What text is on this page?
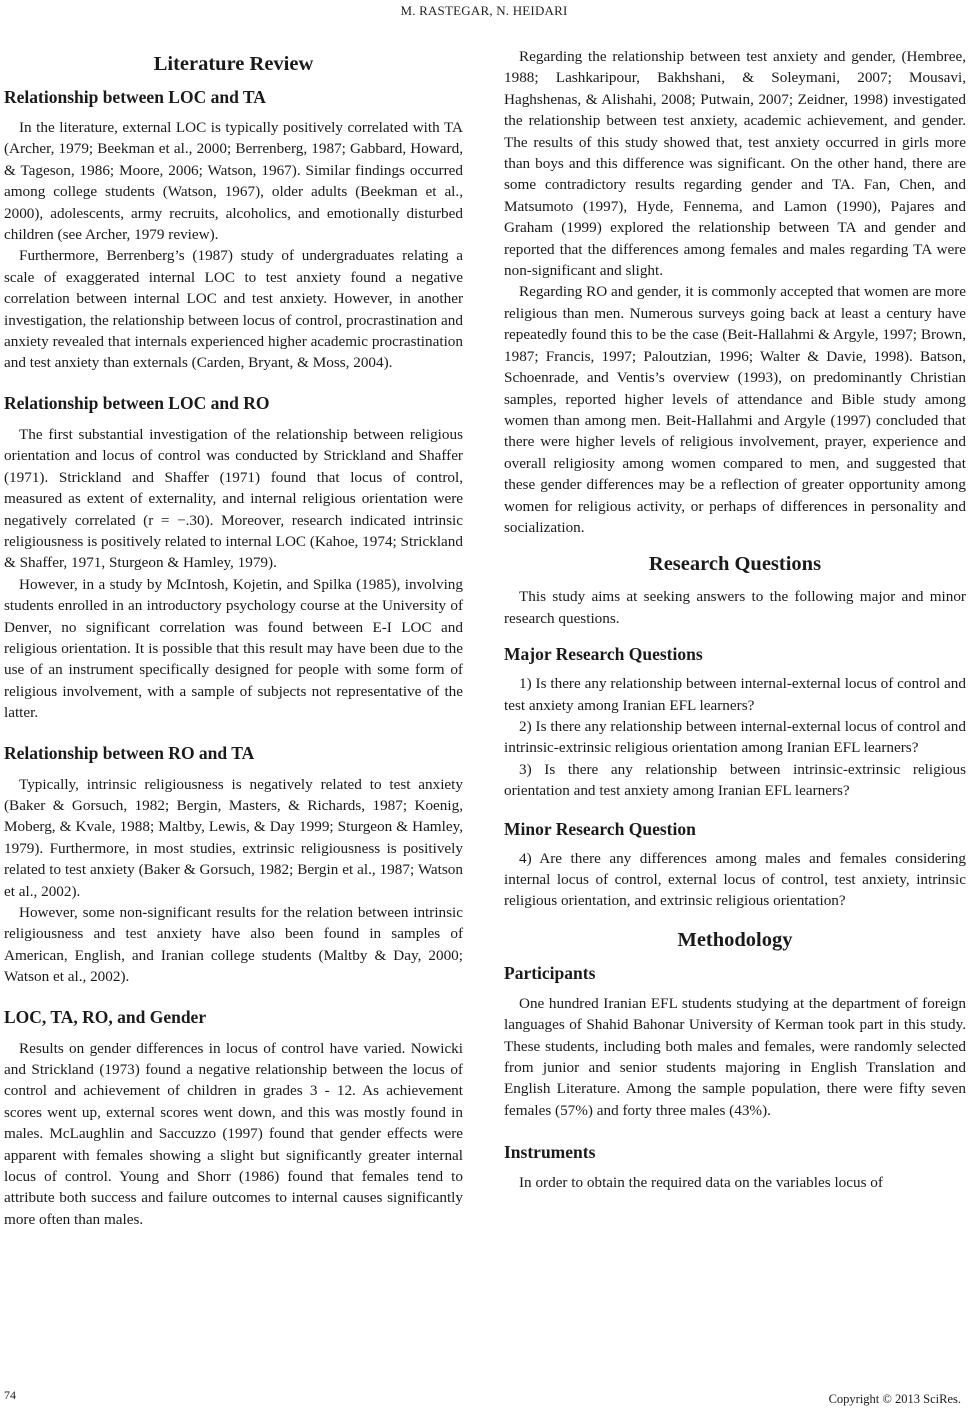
M. RASTEGAR, N. HEIDARI
Literature Review
Relationship between LOC and TA

In the literature, external LOC is typically positively correlated with TA (Archer, 1979; Beekman et al., 2000; Berrenberg, 1987; Gabbard, Howard, & Tageson, 1986; Moore, 2006; Watson, 1967). Similar findings occurred among college students (Watson, 1967), older adults (Beekman et al., 2000), adolescents, army recruits, alcoholics, and emotionally disturbed children (see Archer, 1979 review).

Furthermore, Berrenberg’s (1987) study of undergraduates relating a scale of exaggerated internal LOC to test anxiety found a negative correlation between internal LOC and test anxiety. However, in another investigation, the relationship between locus of control, procrastination and anxiety revealed that internals experienced higher academic procrastination and test anxiety than externals (Carden, Bryant, & Moss, 2004).

Relationship between LOC and RO

The first substantial investigation of the relationship between religious orientation and locus of control was conducted by Strickland and Shaffer (1971). Strickland and Shaffer (1971) found that locus of control, measured as extent of externality, and internal religious orientation were negatively correlated (r = −.30). Moreover, research indicated intrinsic religiousness is positively related to internal LOC (Kahoe, 1974; Strickland & Shaffer, 1971, Sturgeon & Hamley, 1979).

However, in a study by McIntosh, Kojetin, and Spilka (1985), involving students enrolled in an introductory psychology course at the University of Denver, no significant correlation was found between E-I LOC and religious orientation. It is possible that this result may have been due to the use of an instrument specifically designed for people with some form of religious involvement, with a sample of subjects not representative of the latter.

Relationship between RO and TA

Typically, intrinsic religiousness is negatively related to test anxiety (Baker & Gorsuch, 1982; Bergin, Masters, & Richards, 1987; Koenig, Moberg, & Kvale, 1988; Maltby, Lewis, & Day 1999; Sturgeon & Hamley, 1979). Furthermore, in most studies, extrinsic religiousness is positively related to test anxiety (Baker & Gorsuch, 1982; Bergin et al., 1987; Watson et al., 2002).

However, some non-significant results for the relation between intrinsic religiousness and test anxiety have also been found in samples of American, English, and Iranian college students (Maltby & Day, 2000; Watson et al., 2002).

LOC, TA, RO, and Gender

Results on gender differences in locus of control have varied. Nowicki and Strickland (1973) found a negative relationship between the locus of control and achievement of children in grades 3 - 12. As achievement scores went up, external scores went down, and this was mostly found in males. McLaughlin and Saccuzzo (1997) found that gender effects were apparent with females showing a slight but significantly greater internal locus of control. Young and Shorr (1986) found that females tend to attribute both success and failure outcomes to internal causes significantly more often than males.

Regarding the relationship between test anxiety and gender, (Hembree, 1988; Lashkaripour, Bakhshani, & Soleymani, 2007; Mousavi, Haghshenas, & Alishahi, 2008; Putwain, 2007; Zeidner, 1998) investigated the relationship between test anxiety, academic achievement, and gender. The results of this study showed that, test anxiety occurred in girls more than boys and this difference was significant. On the other hand, there are some contradictory results regarding gender and TA. Fan, Chen, and Matsumoto (1997), Hyde, Fennema, and Lamon (1990), Pajares and Graham (1999) explored the relationship between TA and gender and reported that the differences among females and males regarding TA were non-significant and slight.

Regarding RO and gender, it is commonly accepted that women are more religious than men. Numerous surveys going back at least a century have repeatedly found this to be the case (Beit-Hallahmi & Argyle, 1997; Brown, 1987; Francis, 1997; Paloutzian, 1996; Walter & Davie, 1998). Batson, Schoenrade, and Ventis’s overview (1993), on predominantly Christian samples, reported higher levels of attendance and Bible study among women than among men. Beit-Hallahmi and Argyle (1997) concluded that there were higher levels of religious involvement, prayer, experience and overall religiosity among women compared to men, and suggested that these gender differences may be a reflection of greater opportunity among women for religious activity, or perhaps of differences in personality and socialization.

Research Questions

This study aims at seeking answers to the following major and minor research questions.

Major Research Questions

1) Is there any relationship between internal-external locus of control and test anxiety among Iranian EFL learners?

2) Is there any relationship between internal-external locus of control and intrinsic-extrinsic religious orientation among Iranian EFL learners?

3) Is there any relationship between intrinsic-extrinsic religious orientation and test anxiety among Iranian EFL learners?

Minor Research Question

4) Are there any differences among males and females considering internal locus of control, external locus of control, test anxiety, intrinsic religious orientation, and extrinsic religious orientation?

Methodology
Participants

One hundred Iranian EFL students studying at the department of foreign languages of Shahid Bahonar University of Kerman took part in this study. These students, including both males and females, were randomly selected from junior and senior students majoring in English Translation and English Literature. Among the sample population, there were fifty seven females (57%) and forty three males (43%).

Instruments

In order to obtain the required data on the variables locus of

74	Copyright © 2013 SciRes.
